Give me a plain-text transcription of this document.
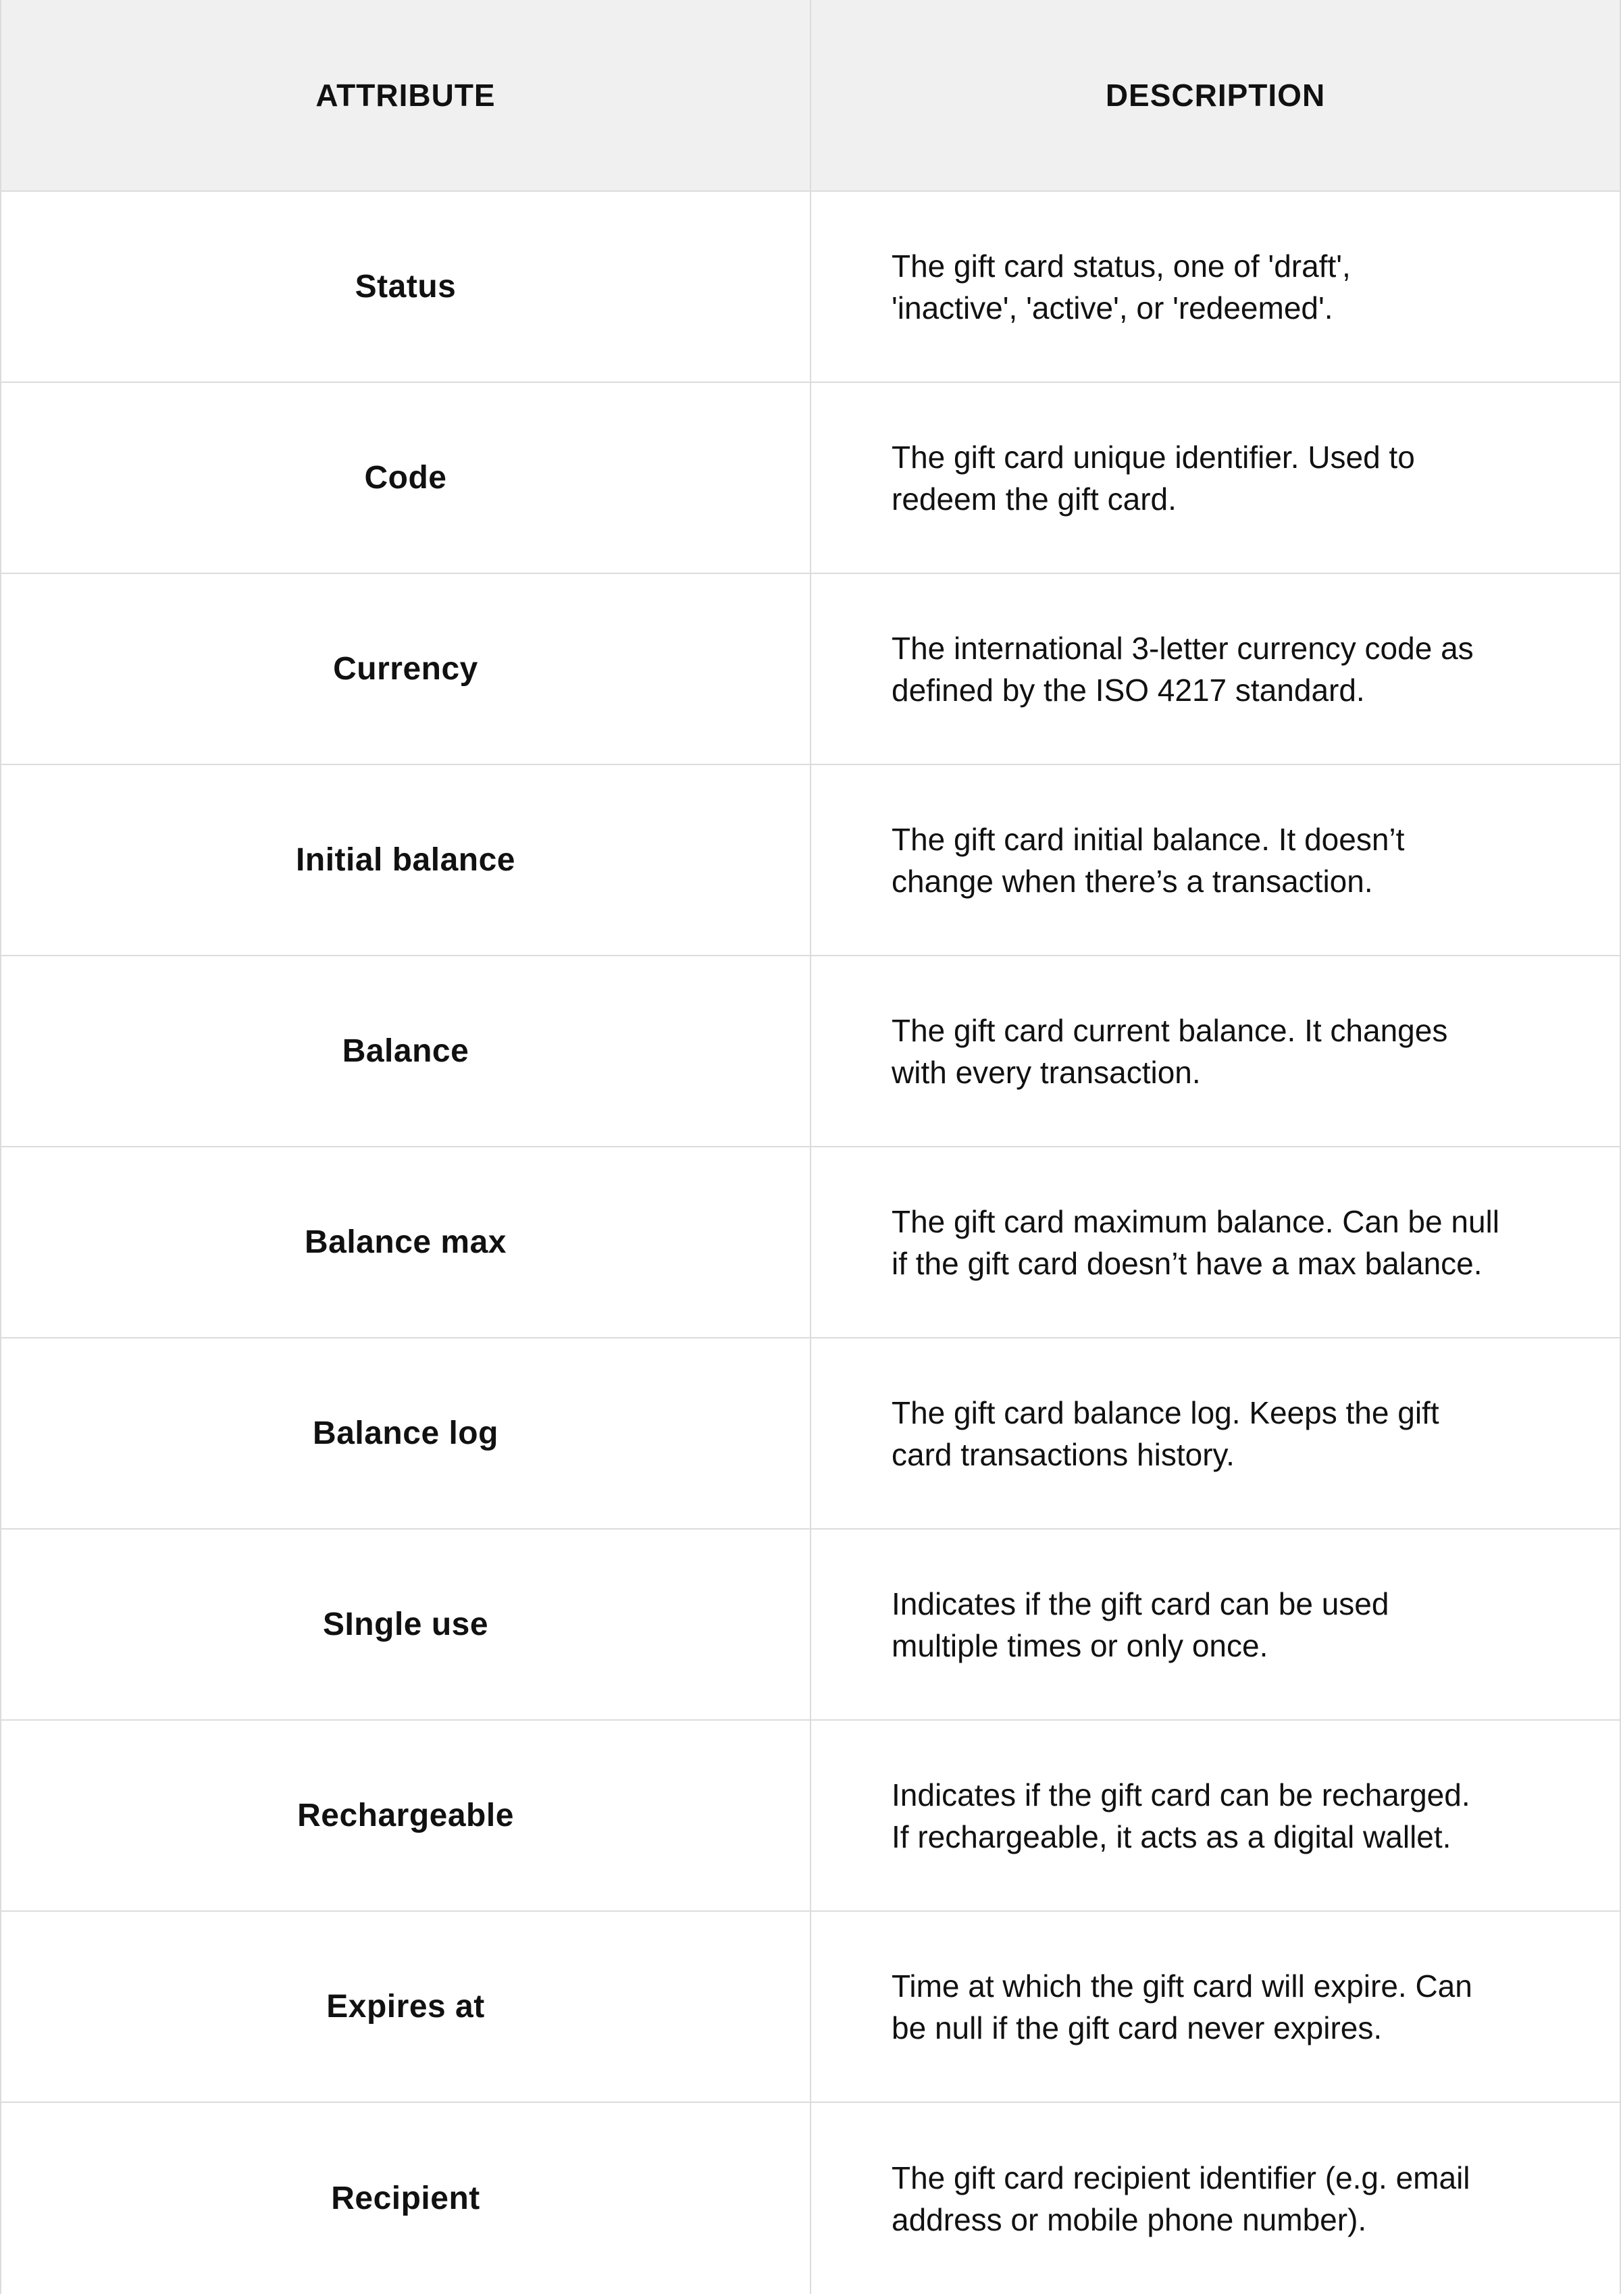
ATTRIBUTE	DESCRIPTION
Status
The gift card status, one of 'draft',
'inactive', 'active', or 'redeemed'.
Code
The gift card unique identifier. Used to
redeem the gift card.
Currency
The international 3-letter currency code as
defined by the ISO 4217 standard.
Initial balance
The gift card initial balance. It doesn’t
change when there’s a transaction.
Balance
The gift card current balance. It changes
with every transaction.
Balance max
The gift card maximum balance. Can be null
if the gift card doesn’t have a max balance.
Balance log
The gift card balance log. Keeps the gift
card transactions history.
SIngle use
Indicates if the gift card can be used
multiple times or only once.
Rechargeable
Indicates if the gift card can be recharged.
If rechargeable, it acts as a digital wallet.
Expires at
Time at which the gift card will expire. Can
be null if the gift card never expires.
Recipient
The gift card recipient identifier (e.g. email
address or mobile phone number).
